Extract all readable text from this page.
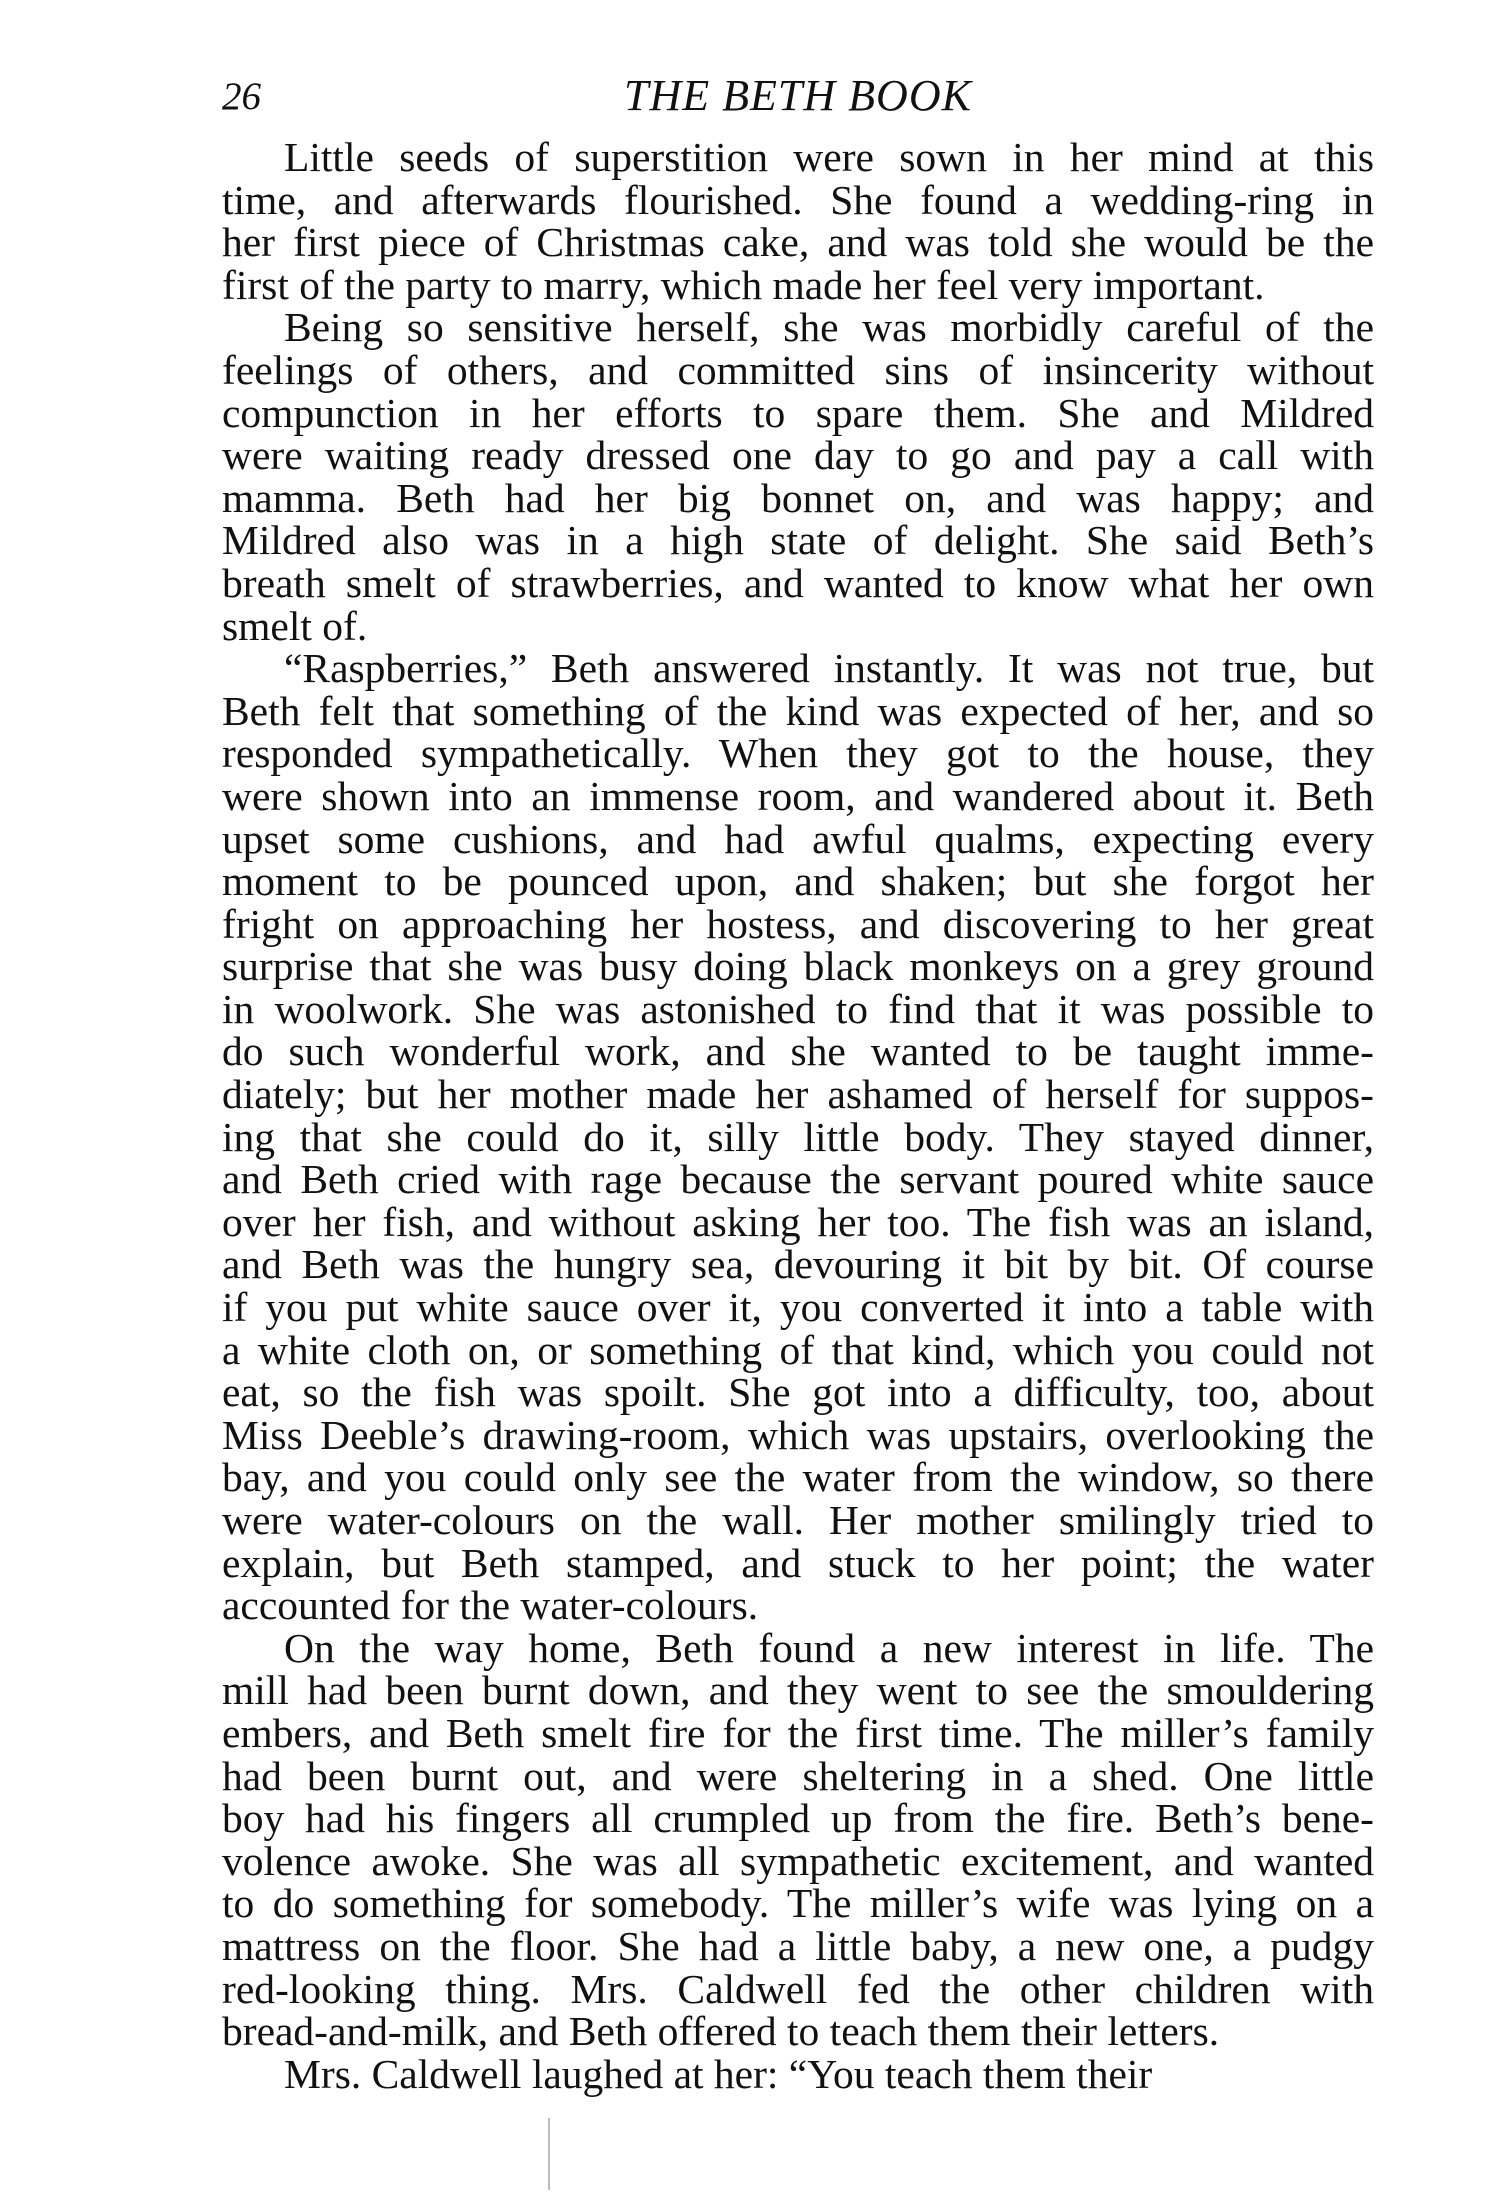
26	THE BETH BOOK
Little seeds of superstition were sown in her mind at this
time, and afterwards flourished. She found a wedding-ring in
her first piece of Christmas cake, and was told she would be the
first of the party to marry, which made her feel very important.
Being so sensitive herself, she was morbidly careful of the
feelings of others, and committed sins of insincerity without
compunction in her efforts to spare them. She and Mildred
were waiting ready dressed one day to go and pay a call with
mamma. Beth had her big bonnet on, and was happy; and
Mildred also was in a high state of delight. She said Beth’s
breath smelt of strawberries, and wanted to know what her own
smelt of.
“Raspberries,” Beth answered instantly. It was not true, but
Beth felt that something of the kind was expected of her, and so
responded sympathetically. When they got to the house, they
were shown into an immense room, and wandered about it. Beth
upset some cushions, and had awful qualms, expecting every
moment to be pounced upon, and shaken; but she forgot her
fright on approaching her hostess, and discovering to her great
surprise that she was busy doing black monkeys on a grey ground
in woolwork. She was astonished to find that it was possible to
do such wonderful work, and she wanted to be taught imme-
diately; but her mother made her ashamed of herself for suppos-
ing that she could do it, silly little body. They stayed dinner,
and Beth cried with rage because the servant poured white sauce
over her fish, and without asking her too. The fish was an island,
and Beth was the hungry sea, devouring it bit by bit. Of course
if you put white sauce over it, you converted it into a table with
a white cloth on, or something of that kind, which you could not
eat, so the fish was spoilt. She got into a difficulty, too, about
Miss Deeble’s drawing-room, which was upstairs, overlooking the
bay, and you could only see the water from the window, so there
were water-colours on the wall. Her mother smilingly tried to
explain, but Beth stamped, and stuck to her point; the water
accounted for the water-colours.
On the way home, Beth found a new interest in life. The
mill had been burnt down, and they went to see the smouldering
embers, and Beth smelt fire for the first time. The miller’s family
had been burnt out, and were sheltering in a shed. One little
boy had his fingers all crumpled up from the fire. Beth’s bene-
volence awoke. She was all sympathetic excitement, and wanted
to do something for somebody. The miller’s wife was lying on a
mattress on the floor. She had a little baby, a new one, a pudgy
red-looking thing. Mrs. Caldwell fed the other children with
bread-and-milk, and Beth offered to teach them their letters.
Mrs. Caldwell laughed at her: “You teach them their
